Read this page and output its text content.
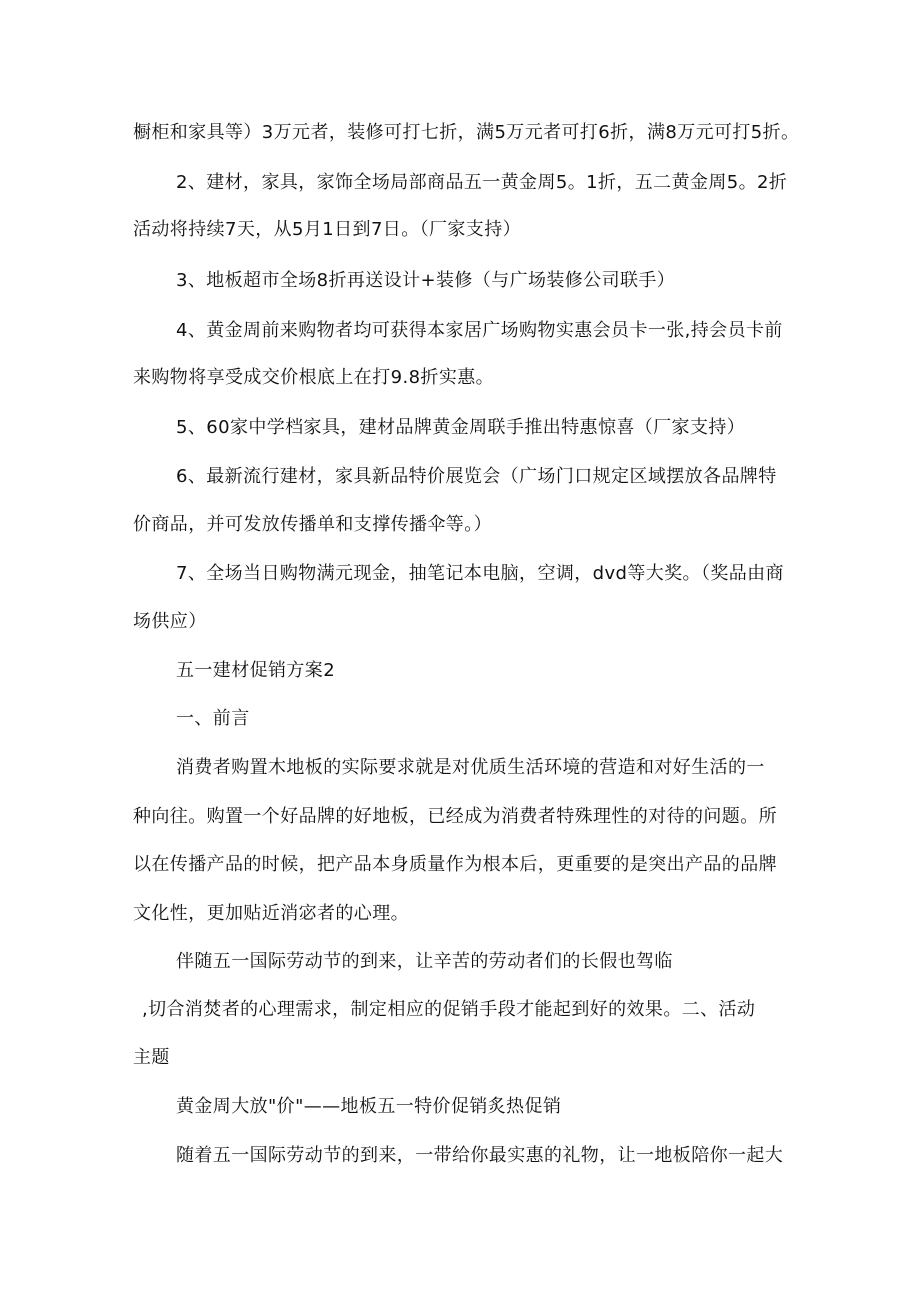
橱柜和家具等）3万元者，装修可打七折，满5万元者可打6折，满8万元可打5折。
2、建材，家具，家饰全场局部商品五一黄金周5。1折，五二黄金周5。2折
活动将持续7天，从5月1日到7日。（厂家支持）
3、地板超市全场8折再送设计+装修（与广场装修公司联手）
4、黄金周前来购物者均可获得本家居广场购物实惠会员卡一张,持会员卡前
来购物将享受成交价根底上在打9.8折实惠。
5、60家中学档家具，建材品牌黄金周联手推出特惠惊喜（厂家支持）
6、最新流行建材，家具新品特价展览会（广场门口规定区域摆放各品牌特
价商品，并可发放传播单和支撑传播伞等。）
7、全场当日购物满元现金，抽笔记本电脑，空调，dvd等大奖。（奖品由商
场供应）
五一建材促销方案2
一、前言
消费者购置木地板的实际要求就是对优质生活环境的营造和对好生活的一
种向往。购置一个好品牌的好地板，已经成为消费者特殊理性的对待的问题。所
以在传播产品的时候，把产品本身质量作为根本后，更重要的是突出产品的品牌
文化性，更加贴近消宓者的心理。
伴随五一国际劳动节的到来，让辛苦的劳动者们的长假也驾临
,切合消焚者的心理需求，制定相应的促销手段才能起到好的效果。二、活动
主题
黄金周大放"价"——地板五一特价促销炙热促销
随着五一国际劳动节的到来，一带给你最实惠的礼物，让一地板陪你一起大
